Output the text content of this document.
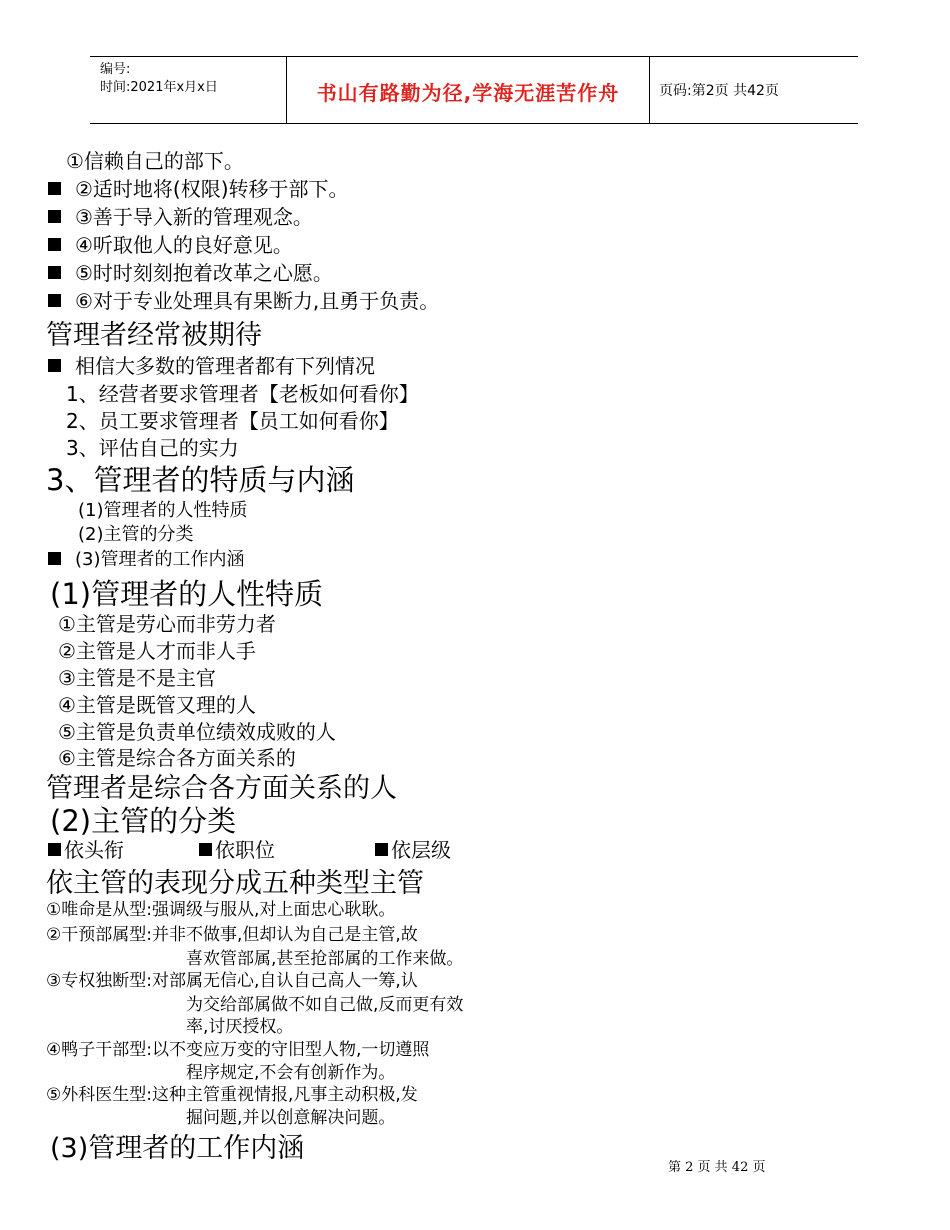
编号:
时间:2021年x月x日	书山有路勤为径,学海无涯苦作舟	页码:第2页 共42页
①信赖自己的部下。
②适时地将(权限)转移于部下。
③善于导入新的管理观念。
④听取他人的良好意见。
⑤时时刻刻抱着改革之心愿。
⑥对于专业处理具有果断力,且勇于负责。
管理者经常被期待
相信大多数的管理者都有下列情况
1、经营者要求管理者【老板如何看你】
2、员工要求管理者【员工如何看你】
3、评估自己的实力
3、管理者的特质与内涵
(1)管理者的人性特质
(2)主管的分类
(3)管理者的工作内涵
(1)管理者的人性特质
①主管是劳心而非劳力者
②主管是人才而非人手
③主管是不是主官
④主管是既管又理的人
⑤主管是负责单位绩效成败的人
⑥主管是综合各方面关系的
管理者是综合各方面关系的人
(2)主管的分类
依头衔	依职位	依层级
依主管的表现分成五种类型主管
①唯命是从型:强调级与服从,对上面忠心耿耿。
②干预部属型:并非不做事,但却认为自己是主管,故
喜欢管部属,甚至抢部属的工作来做。
③专权独断型:对部属无信心,自认自己高人一筹,认
为交给部属做不如自己做,反而更有效
率,讨厌授权。
④鸭子干部型:以不变应万变的守旧型人物,一切遵照
程序规定,不会有创新作为。
⑤外科医生型:这种主管重视情报,凡事主动积极,发
掘问题,并以创意解决问题。
(3)管理者的工作内涵
第 2 页 共 42 页
